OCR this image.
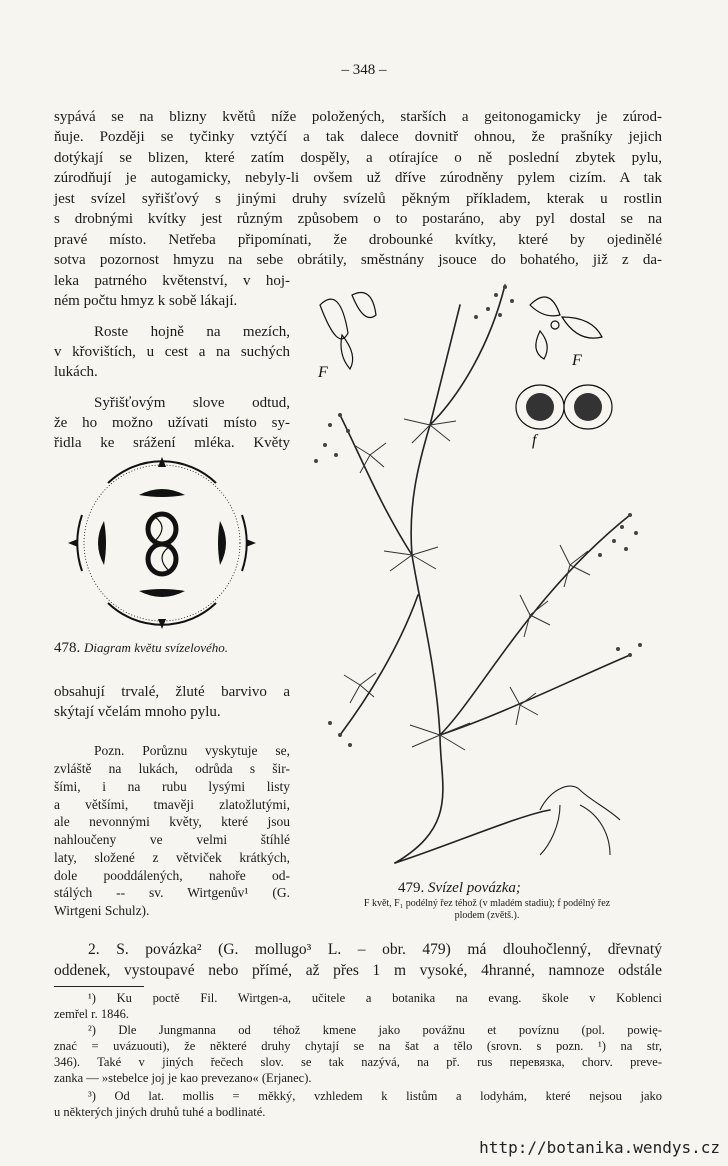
– 348 –
sypává se na blizny květů níže položených, starších a geitonogamicky je zúrod-
ňuje. Později se tyčinky vztýčí a tak dalece dovnitř ohnou, že prašníky jejich
dotýkají se blizen, které zatím dospěly, a otírajíce o ně poslední zbytek pylu,
zúrodňují je autogamicky, nebyly-li ovšem už dříve zúrodněny pylem cizím. A tak
jest svízel syřišťový s jinými druhy svízelů pěkným příkladem, kterak u rostlin
s drobnými kvítky jest různým způsobem o to postaráno, aby pyl dostal se na
pravé místo. Netřeba připomínati, že drobounké kvítky, které by ojedinělé
sotva pozornost hmyzu na sebe obrátily, směstnány jsouce do bohatého, již z da-
leka patrného květenství, v hoj-
ném počtu hmyz k sobě lákají.
Roste hojně na mezích,
v křovištích, u cest a na suchých
lukách.
Syřišťovým slove odtud,
že ho možno užívati místo sy-
řidla ke srážení mléka. Květy
478. Diagram květu svízelového.
obsahují trvalé, žluté barvivo a
skýtají včelám mnoho pylu.
Pozn. Porůznu vyskytuje se,
zvláště na lukách, odrůda s šir-
šími, i na rubu lysými listy
a většími, tmavěji zlatožlutými,
ale nevonnými květy, které jsou
nahloučeny ve velmi štíhlé
laty, složené z větviček krátkých,
dole pooddálených, nahoře od-
stálých -- sv. Wirtgenův¹ (G.
Wirtgeni Schulz).
F
F
f
479. Svízel povázka;
F květ, F₁ podélný řez téhož (v mladém stadiu); f podélný řez
plodem (zvětš.).
2. S. povázka² (G. mollugo³ L. – obr. 479) má dlouhočlenný, dřevnatý
oddenek, vystoupavé nebo přímé, až přes 1 m vysoké, 4hranné, namnoze odstále
¹) Ku poctě Fil. Wirtgen-a, učitele a botanika na evang. škole v Koblenci
zemřel r. 1846.
²) Dle Jungmanna od téhož kmene jako povážnu et povíznu (pol. powię-
znać = uvázuouti), že některé druhy chytají se na šat a tělo (srovn. s pozn. ¹) na str,
346). Také v jiných řečech slov. se tak nazývá, na př. rus перевязка, chorv. preve-
zanka — »stebelce joj je kao prevezano« (Erjanec).
³) Od lat. mollis = měkký, vzhledem k listům a lodyhám, které nejsou jako
u některých jiných druhů tuhé a bodlinaté.
http://botanika.wendys.cz
